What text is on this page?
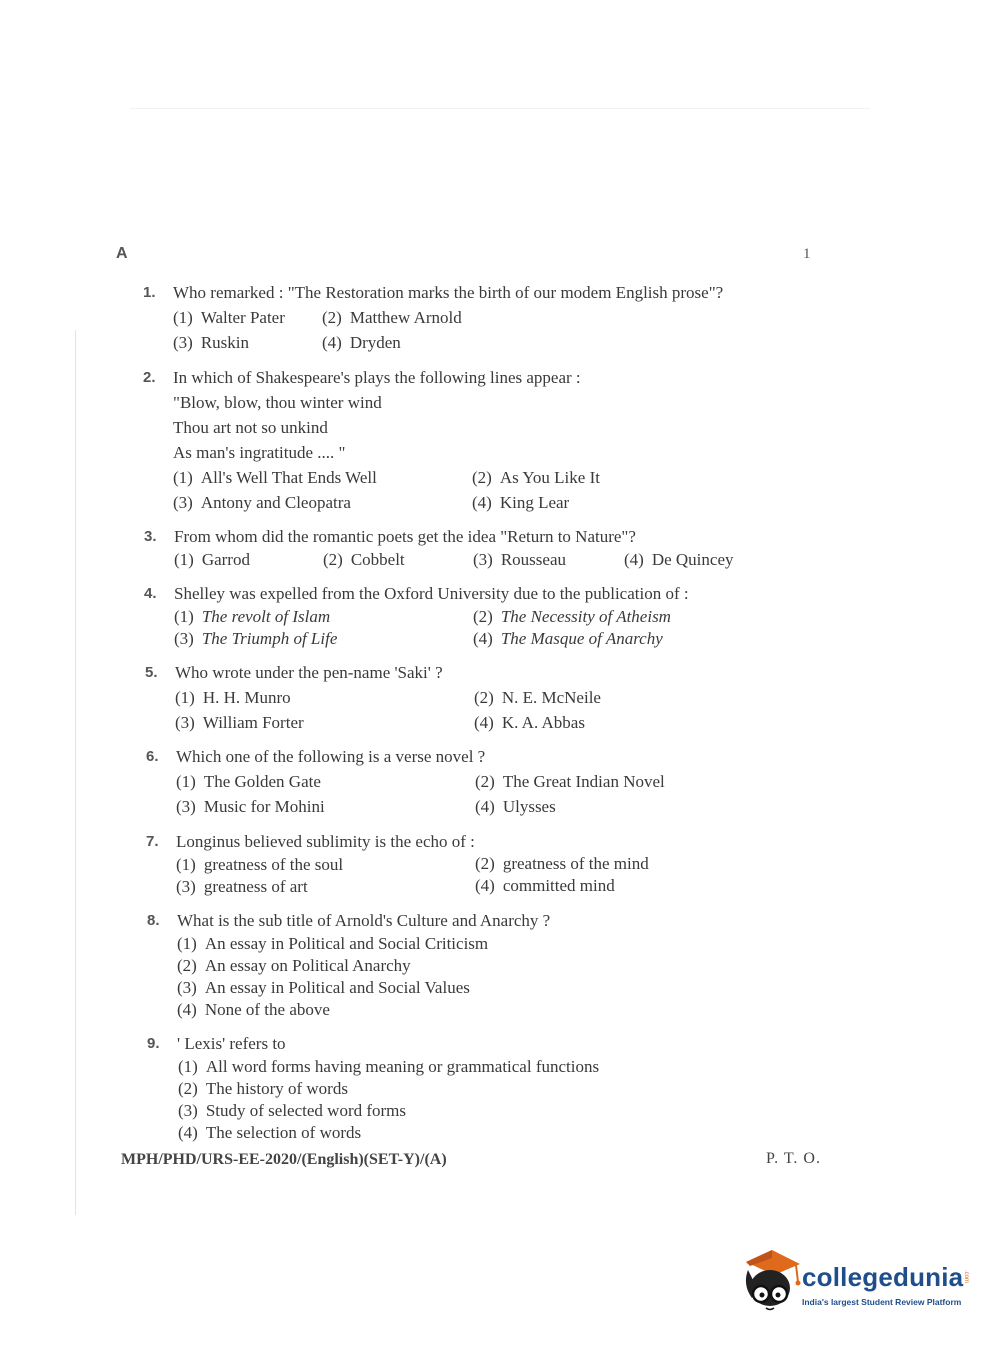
A	1
1. Who remarked : "The Restoration marks the birth of our modem English prose"?
(1) Walter Pater (2) Matthew Arnold
(3) Ruskin	(4) Dryden
2. In which of Shakespeare's plays the following lines appear :
"Blow, blow, thou winter wind
Thou art not so unkind
As man's ingratitude .... "
(1) All's Well That Ends Well	(2) As You Like It
(3) Antony and Cleopatra	(4) King Lear
3. From whom did the romantic poets get the idea "Return to Nature"?
(1) Garrod	(2) Cobbelt	(3) Rousseau	(4) De Quincey
4. Shelley was expelled from the Oxford University due to the publication of :
(1) The revolt of Islam	(2) The Necessity of Atheism
(3) The Triumph of Life	(4) The Masque of Anarchy
5. Who wrote under the pen-name 'Saki' ?
(1) H. H. Munro	(2) N. E. McNeile
(3) William Forter	(4) K. A. Abbas
6. Which one of the following is a verse novel ?
(1) The Golden Gate	(2) The Great Indian Novel
(3) Music for Mohini	(4) Ulysses
7. Longinus believed sublimity is the echo of :
(1) greatness of the soul	(2) greatness of the mind
(3) greatness of art	(4) committed mind
8. What is the sub title of Arnold's Culture and Anarchy ?
(1) An essay in Political and Social Criticism
(2) An essay on Political Anarchy
(3) An essay in Political and Social Values
(4) None of the above
9. ' Lexis' refers to
(1) All word forms having meaning or grammatical functions
(2) The history of words
(3) Study of selected word forms
(4) The selection of words
MPH/PHD/URS-EE-2020/(English)(SET-Y)/(A)	P. T. O.
collegedunia .com
India's largest Student Review Platform
